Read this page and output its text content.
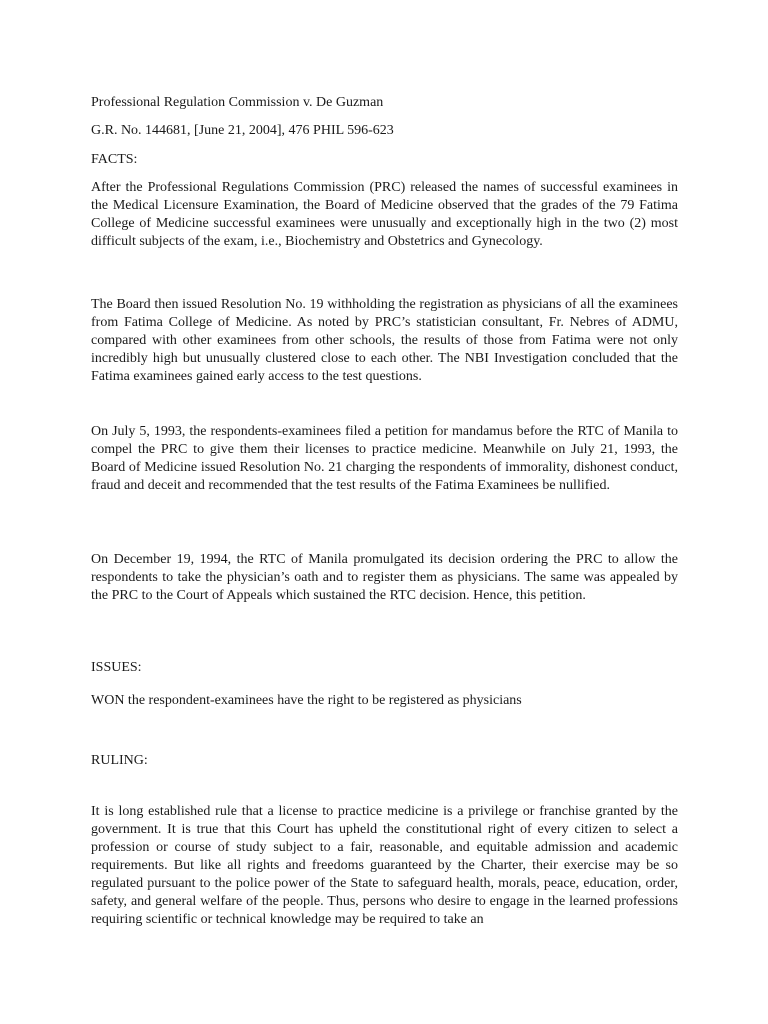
Professional Regulation Commission v. De Guzman
G.R. No. 144681, [June 21, 2004], 476 PHIL 596-623
FACTS:
After the Professional Regulations Commission (PRC) released the names of successful examinees in the Medical Licensure Examination, the Board of Medicine observed that the grades of the 79 Fatima College of Medicine successful examinees were unusually and exceptionally high in the two (2) most difficult subjects of the exam, i.e., Biochemistry and Obstetrics and Gynecology.
The Board then issued Resolution No. 19 withholding the registration as physicians of all the examinees from Fatima College of Medicine. As noted by PRC’s statistician consultant, Fr. Nebres of ADMU, compared with other examinees from other schools, the results of those from Fatima were not only incredibly high but unusually clustered close to each other. The NBI Investigation concluded that the Fatima examinees gained early access to the test questions.
On July 5, 1993, the respondents-examinees filed a petition for mandamus before the RTC of Manila to compel the PRC to give them their licenses to practice medicine. Meanwhile on July 21, 1993, the Board of Medicine issued Resolution No. 21 charging the respondents of immorality, dishonest conduct, fraud and deceit and recommended that the test results of the Fatima Examinees be nullified.
On December 19, 1994, the RTC of Manila promulgated its decision ordering the PRC to allow the respondents to take the physician’s oath and to register them as physicians. The same was appealed by the PRC to the Court of Appeals which sustained the RTC decision. Hence, this petition.
ISSUES:
WON the respondent-examinees have the right to be registered as physicians
RULING:
It is long established rule that a license to practice medicine is a privilege or franchise granted by the government. It is true that this Court has upheld the constitutional right of every citizen to select a profession or course of study subject to a fair, reasonable, and equitable admission and academic requirements. But like all rights and freedoms guaranteed by the Charter, their exercise may be so regulated pursuant to the police power of the State to safeguard health, morals, peace, education, order, safety, and general welfare of the people. Thus, persons who desire to engage in the learned professions requiring scientific or technical knowledge may be required to take an
